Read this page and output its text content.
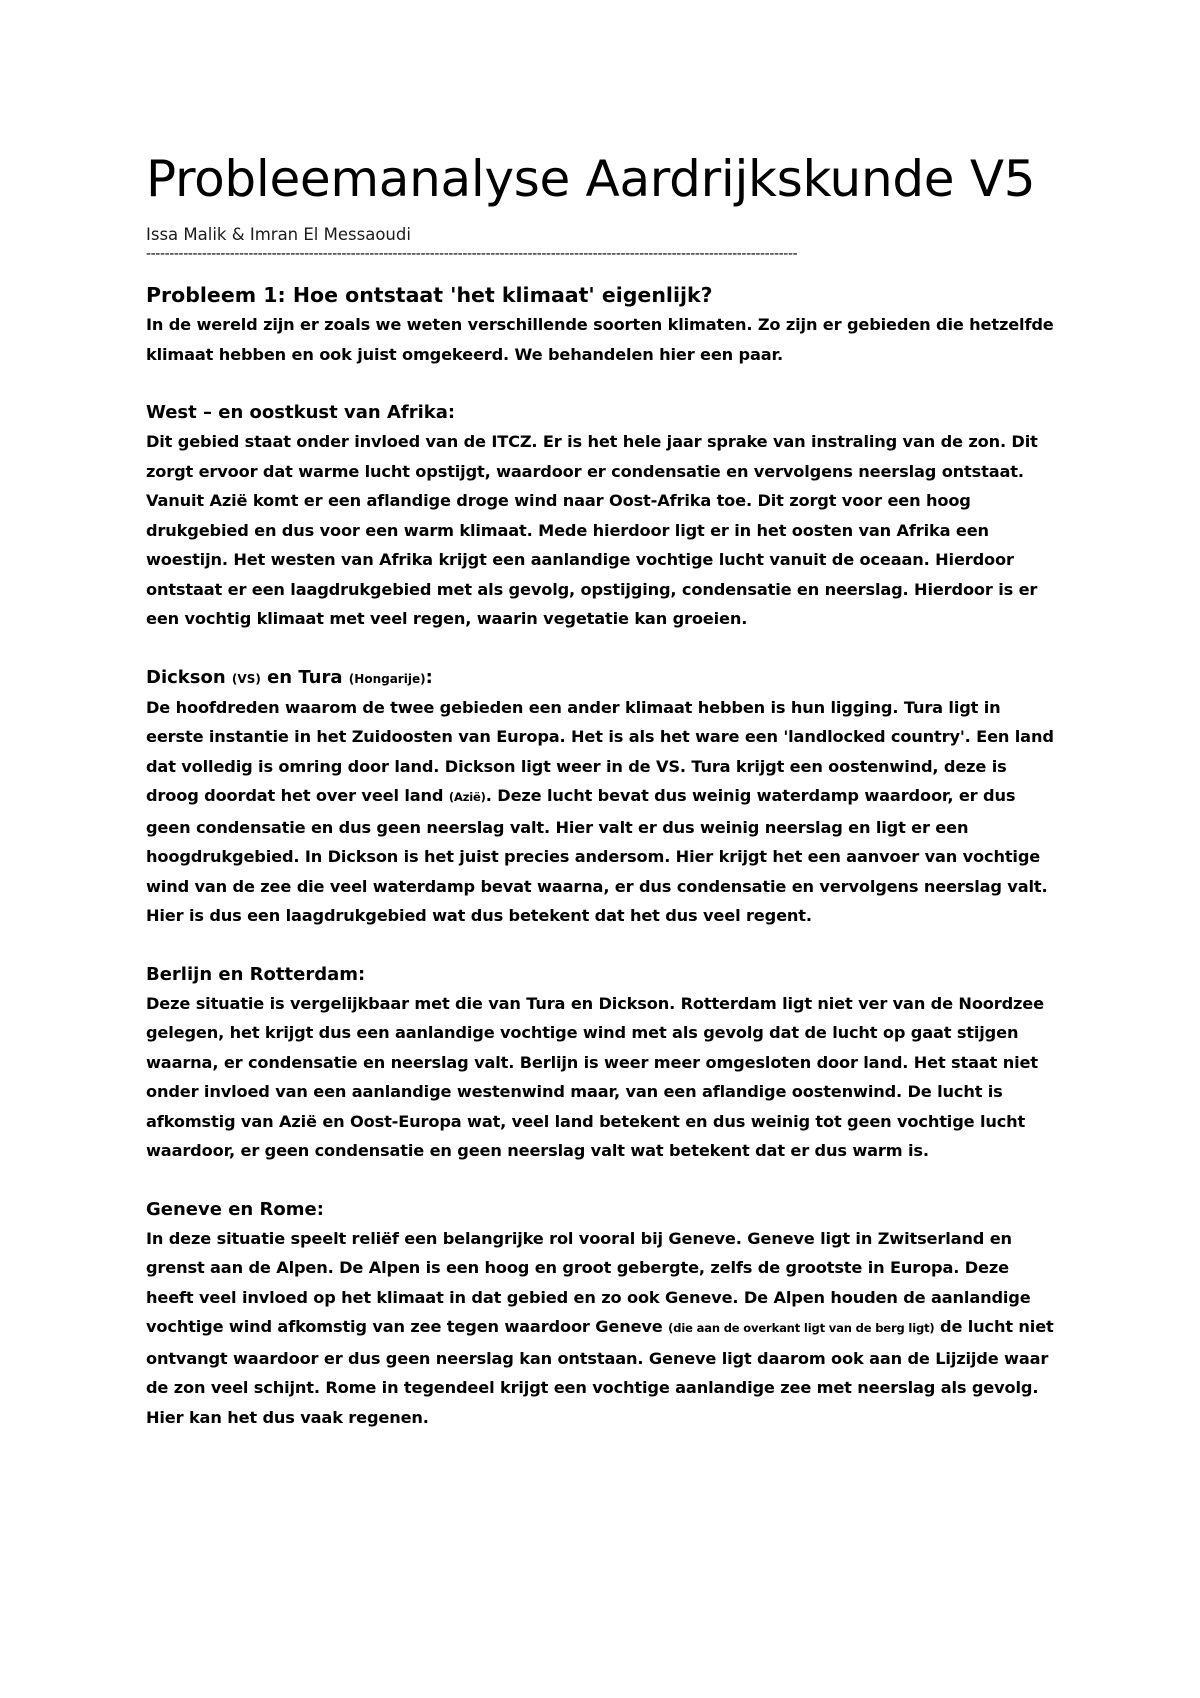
Probleemanalyse Aardrijkskunde V5
Issa Malik & Imran El Messaoudi
--------------------------------------------------------------------------------------------------------------------------------------------
Probleem 1: Hoe ontstaat 'het klimaat' eigenlijk?

In de wereld zijn er zoals we weten verschillende soorten klimaten. Zo zijn er gebieden die hetzelfde klimaat hebben en ook juist omgekeerd. We behandelen hier een paar.

West – en oostkust van Afrika:

Dit gebied staat onder invloed van de ITCZ. Er is het hele jaar sprake van instraling van de zon. Dit zorgt ervoor dat warme lucht opstijgt, waardoor er condensatie en vervolgens neerslag ontstaat. Vanuit Azië komt er een aflandige droge wind naar Oost-Afrika toe. Dit zorgt voor een hoog drukgebied en dus voor een warm klimaat. Mede hierdoor ligt er in het oosten van Afrika een woestijn. Het westen van Afrika krijgt een aanlandige vochtige lucht vanuit de oceaan. Hierdoor ontstaat er een laagdrukgebied met als gevolg, opstijging, condensatie en neerslag. Hierdoor is er een vochtig klimaat met veel regen, waarin vegetatie kan groeien.

Dickson (VS) en Tura (Hongarije):

De hoofdreden waarom de twee gebieden een ander klimaat hebben is hun ligging. Tura ligt in eerste instantie in het Zuidoosten van Europa. Het is als het ware een 'landlocked country'. Een land dat volledig is omring door land. Dickson ligt weer in de VS. Tura krijgt een oostenwind, deze is droog doordat het over veel land (Azië). Deze lucht bevat dus weinig waterdamp waardoor, er dus geen condensatie en dus geen neerslag valt. Hier valt er dus weinig neerslag en ligt er een hoogdrukgebied. In Dickson is het juist precies andersom. Hier krijgt het een aanvoer van vochtige wind van de zee die veel waterdamp bevat waarna, er dus condensatie en vervolgens neerslag valt. Hier is dus een laagdrukgebied wat dus betekent dat het dus veel regent.

Berlijn en Rotterdam:

Deze situatie is vergelijkbaar met die van Tura en Dickson. Rotterdam ligt niet ver van de Noordzee gelegen, het krijgt dus een aanlandige vochtige wind met als gevolg dat de lucht op gaat stijgen waarna, er condensatie en neerslag valt. Berlijn is weer meer omgesloten door land. Het staat niet onder invloed van een aanlandige westenwind maar, van een aflandige oostenwind. De lucht is afkomstig van Azië en Oost-Europa wat, veel land betekent en dus weinig tot geen vochtige lucht waardoor, er geen condensatie en geen neerslag valt wat betekent dat er dus warm is.

Geneve en Rome:

In deze situatie speelt reliëf een belangrijke rol vooral bij Geneve. Geneve ligt in Zwitserland en grenst aan de Alpen. De Alpen is een hoog en groot gebergte, zelfs de grootste in Europa. Deze heeft veel invloed op het klimaat in dat gebied en zo ook Geneve. De Alpen houden de aanlandige vochtige wind afkomstig van zee tegen waardoor Geneve (die aan de overkant ligt van de berg ligt) de lucht niet ontvangt waardoor er dus geen neerslag kan ontstaan. Geneve ligt daarom ook aan de Lijzijde waar de zon veel schijnt. Rome in tegendeel krijgt een vochtige aanlandige zee met neerslag als gevolg. Hier kan het dus vaak regenen.
